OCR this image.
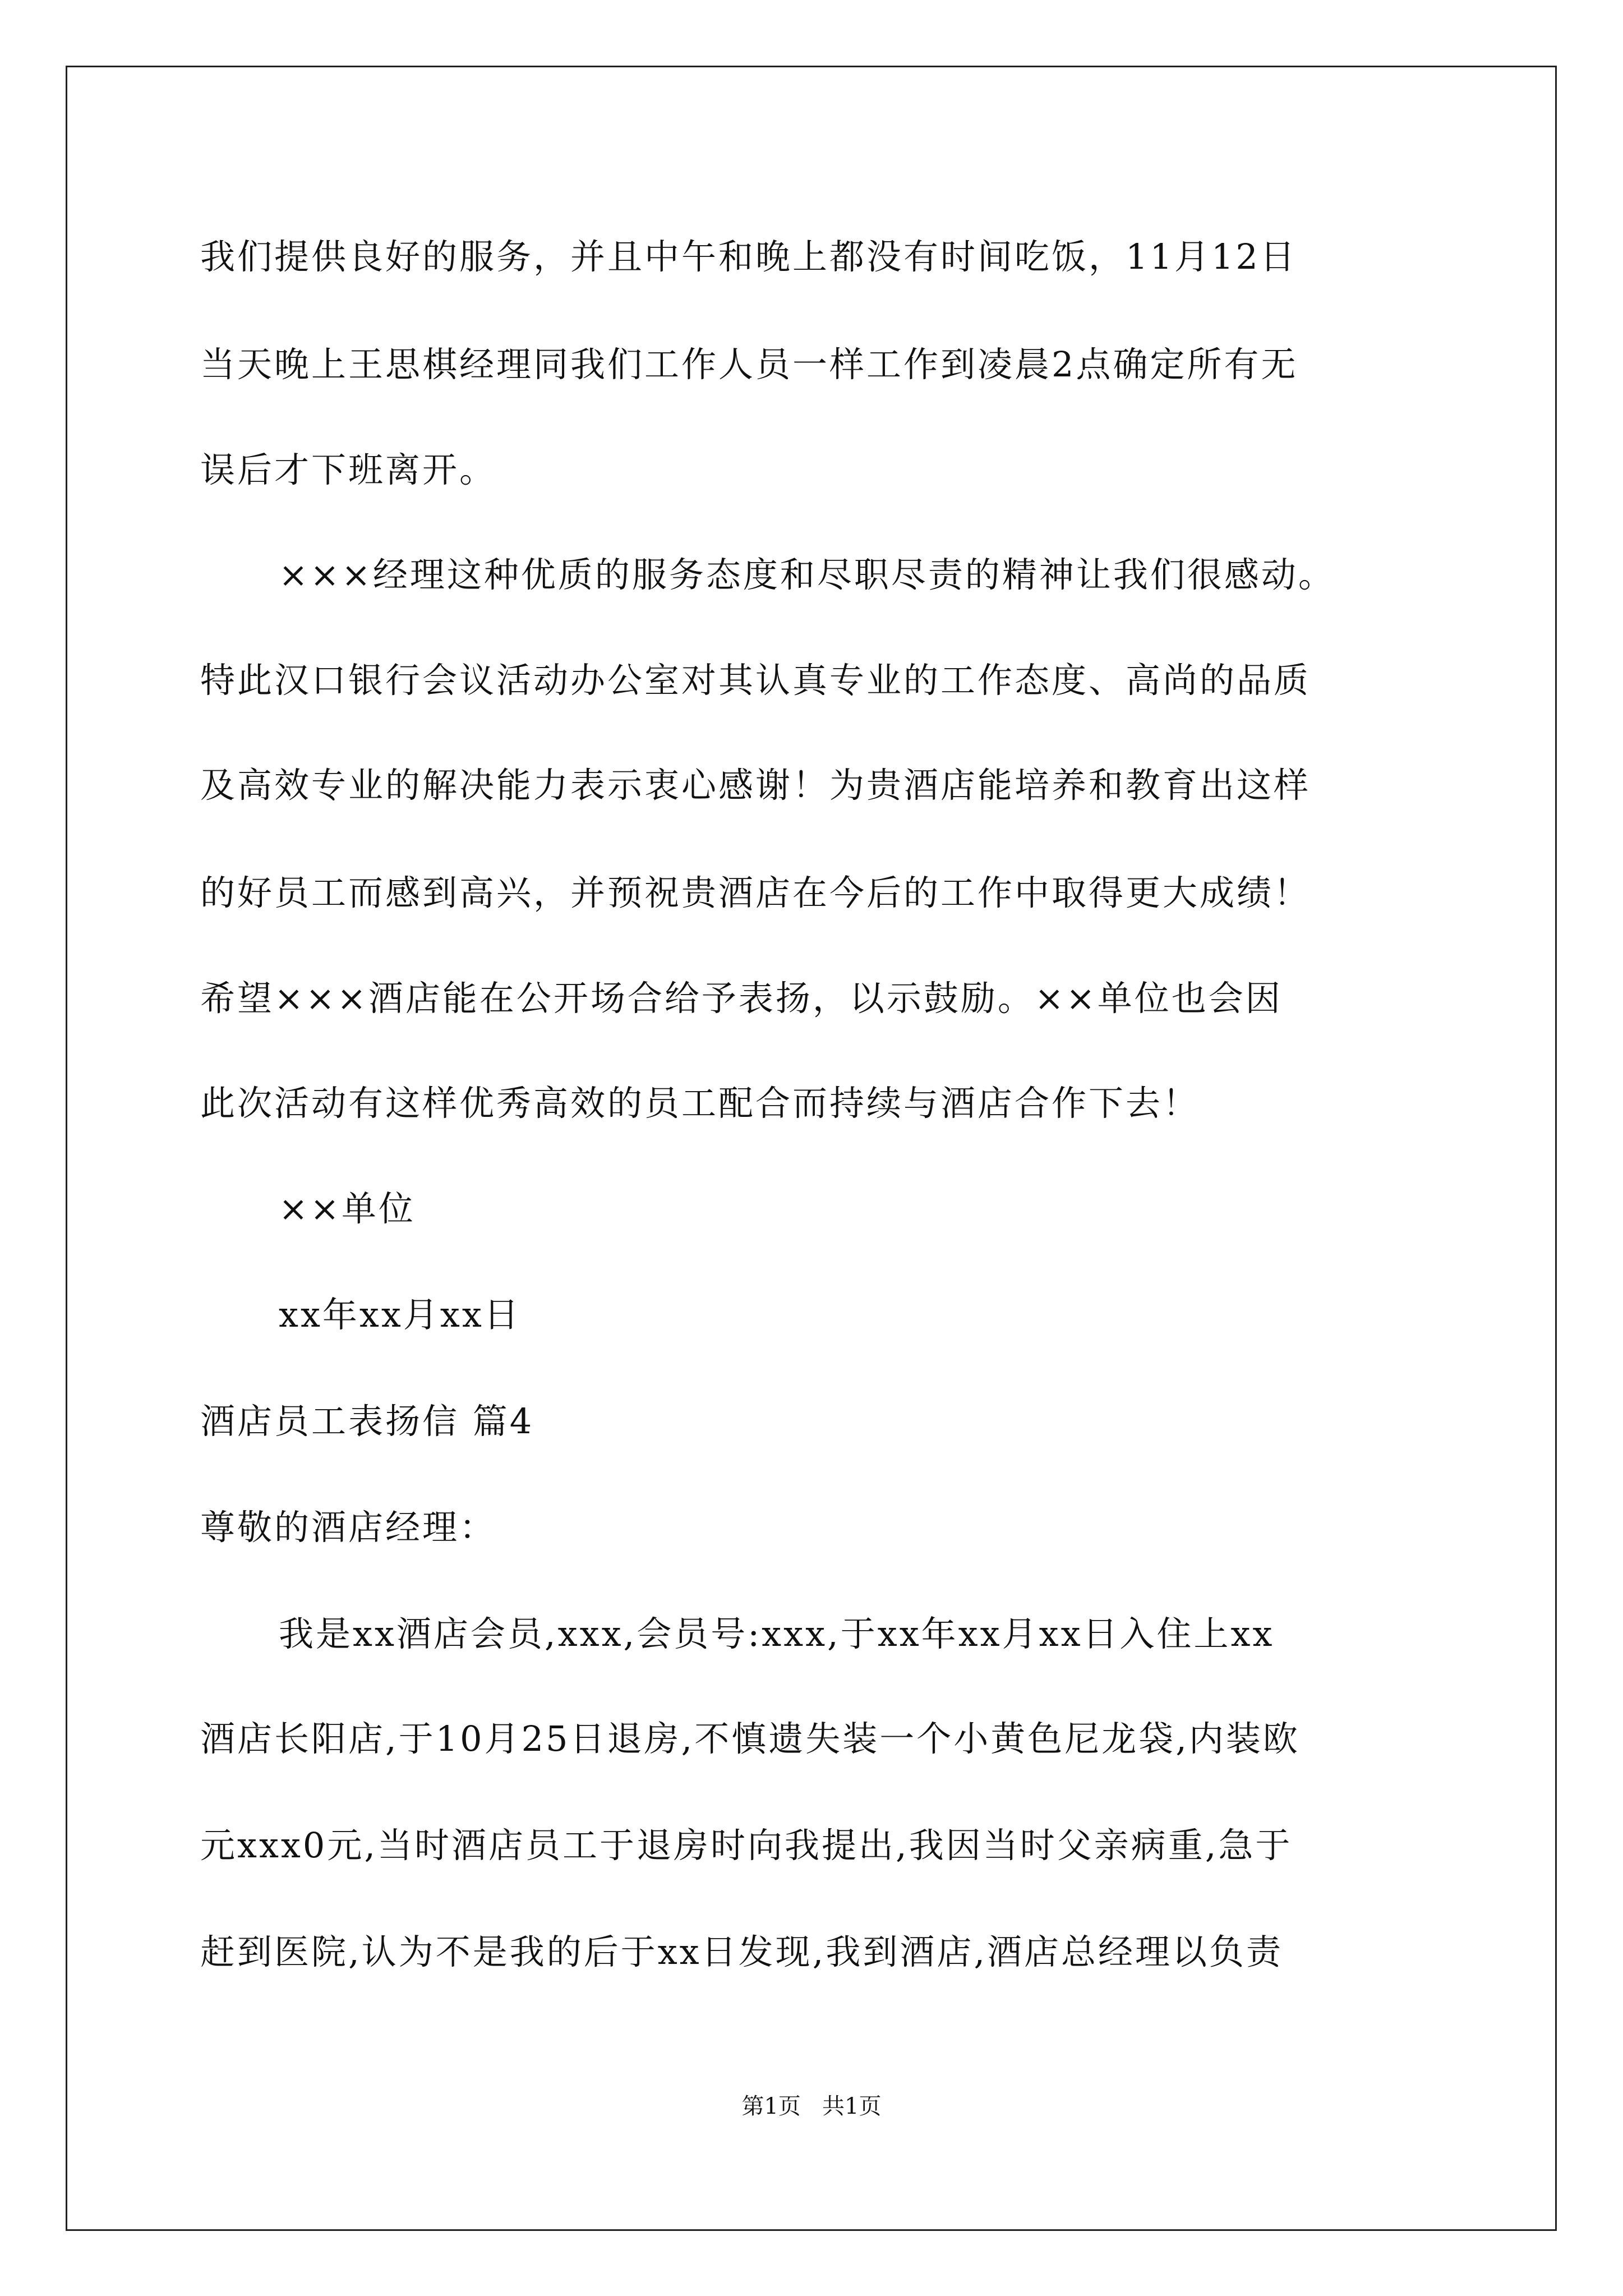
我们提供良好的服务，并且中午和晚上都没有时间吃饭，11月12日
当天晚上王思棋经理同我们工作人员一样工作到凌晨2点确定所有无
误后才下班离开。
×××经理这种优质的服务态度和尽职尽责的精神让我们很感动。
特此汉口银行会议活动办公室对其认真专业的工作态度、高尚的品质
及高效专业的解决能力表示衷心感谢！为贵酒店能培养和教育出这样
的好员工而感到高兴，并预祝贵酒店在今后的工作中取得更大成绩！
希望×××酒店能在公开场合给予表扬，以示鼓励。××单位也会因
此次活动有这样优秀高效的员工配合而持续与酒店合作下去！
××单位
xx年xx月xx日
酒店员工表扬信 篇4
尊敬的酒店经理：
我是xx酒店会员,xxx,会员号:xxx,于xx年xx月xx日入住上xx
酒店长阳店,于10月25日退房,不慎遗失装一个小黄色尼龙袋,内装欧
元xxx0元,当时酒店员工于退房时向我提出,我因当时父亲病重,急于
赶到医院,认为不是我的后于xx日发现,我到酒店,酒店总经理以负责
第1页   共1页
